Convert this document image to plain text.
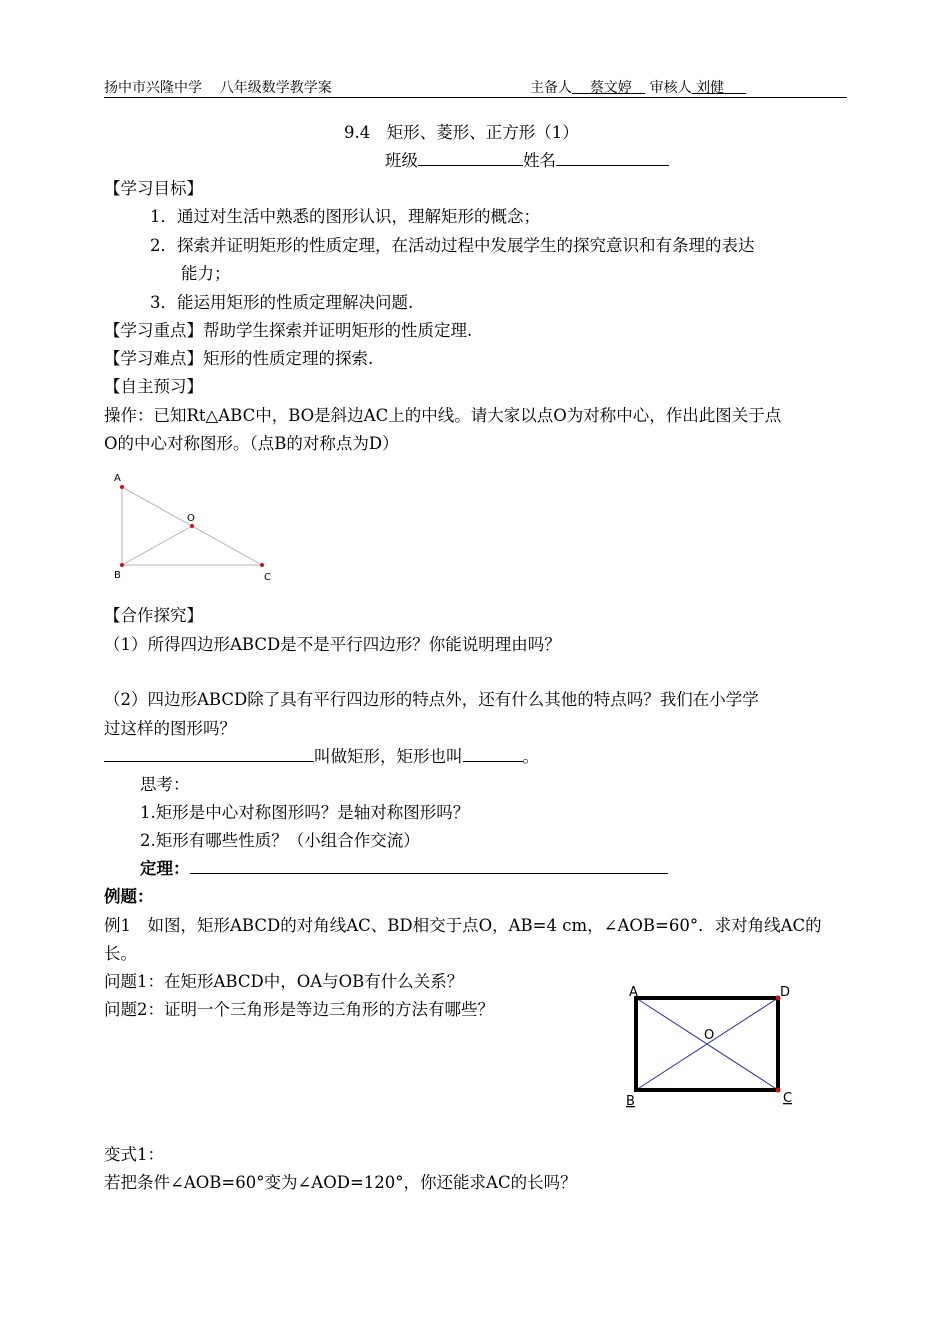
扬中市兴隆中学 八年级数学教学案	主备人 蔡文婷 审核人 刘健
9.4　矩形、菱形、正方形（1）
班级	姓名
【学习目标】
1．通过对生活中熟悉的图形认识，理解矩形的概念；
2．探索并证明矩形的性质定理，在活动过程中发展学生的探究意识和有条理的表达
能力；
3．能运用矩形的性质定理解决问题.
【学习重点】帮助学生探索并证明矩形的性质定理.
【学习难点】矩形的性质定理的探索.
【自主预习】
操作：已知Rt△ABC中，BO是斜边AC上的中线。请大家以点O为对称中心，作出此图关于点
O的中心对称图形。（点B的对称点为D）
A
O
B	C
【合作探究】
（1）所得四边形ABCD是不是平行四边形？你能说明理由吗？
（2）四边形ABCD除了具有平行四边形的特点外，还有什么其他的特点吗？我们在小学学
过这样的图形吗？
叫做矩形，矩形也叫	。
思考：
1.矩形是中心对称图形吗？是轴对称图形吗？
2.矩形有哪些性质？（小组合作交流）
定理：
例题：
例1　如图，矩形ABCD的对角线AC、BD相交于点O，AB=4 cm，∠AOB=60°．求对角线AC的
长。
问题1：在矩形ABCD中，OA与OB有什么关系？
问题2：证明一个三角形是等边三角形的方法有哪些？
A	D
O
B	C
变式1：
若把条件∠AOB=60°变为∠AOD=120°，你还能求AC的长吗？
